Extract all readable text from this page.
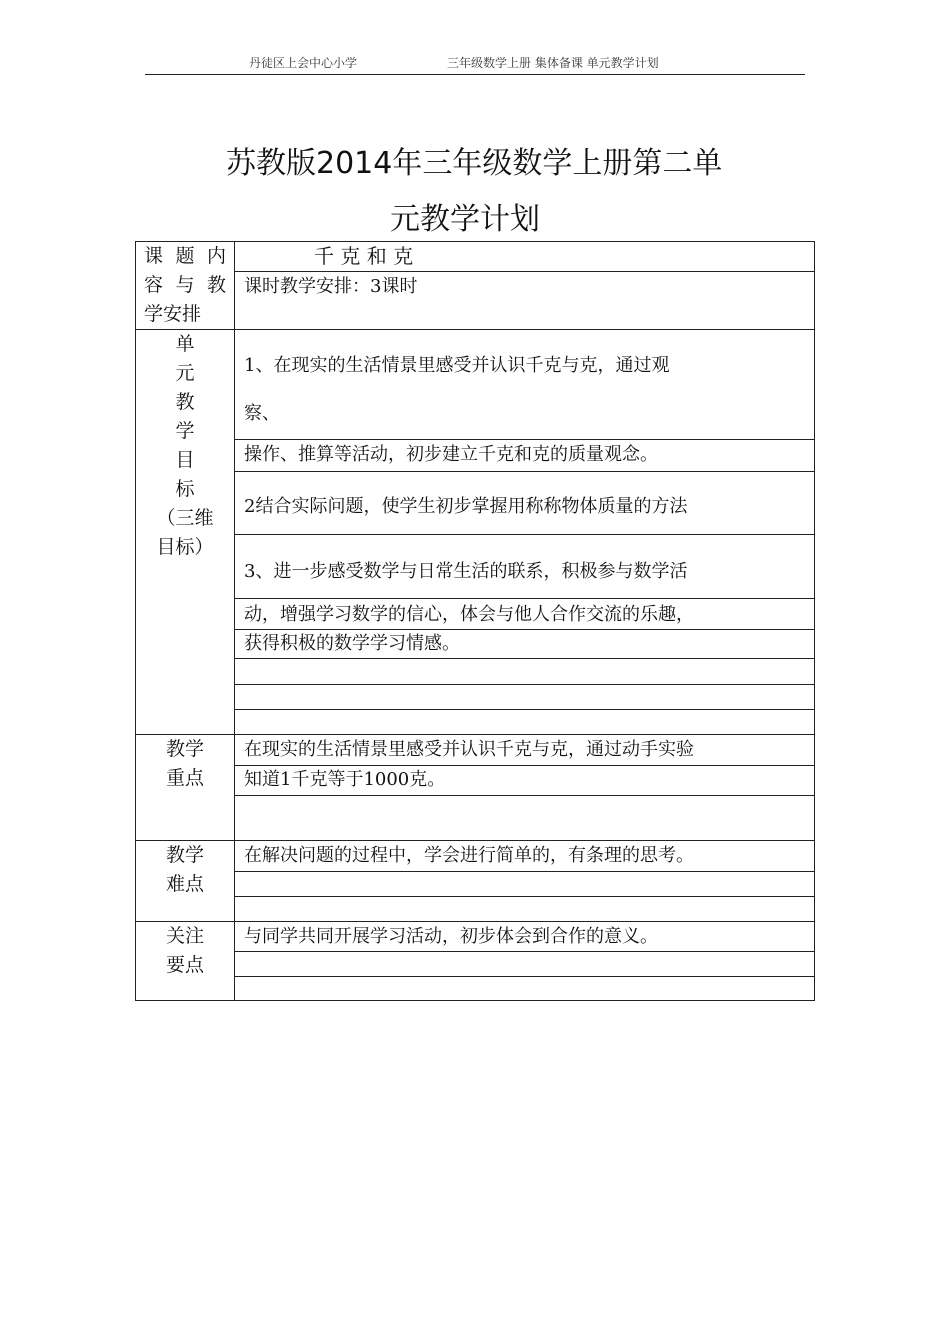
丹徒区上会中心小学	三年级数学上册 集体备课 单元教学计划
苏教版2014年三年级数学上册第二单
元教学计划
课 题 内
容 与 教
学安排
千 克 和 克
课时教学安排：3课时
单
元
教
学
目
标
（三维
目标）
1、在现实的生活情景里感受并认识千克与克，通过观
察、
操作、推算等活动，初步建立千克和克的质量观念。
2结合实际问题，使学生初步掌握用称称物体质量的方法
3、进一步感受数学与日常生活的联系，积极参与数学活
动，增强学习数学的信心，体会与他人合作交流的乐趣，
获得积极的数学学习情感。
教学
重点
在现实的生活情景里感受并认识千克与克，通过动手实验
知道1千克等于1000克。
教学
难点
在解决问题的过程中，学会进行简单的，有条理的思考。
关注
要点
与同学共同开展学习活动，初步体会到合作的意义。
